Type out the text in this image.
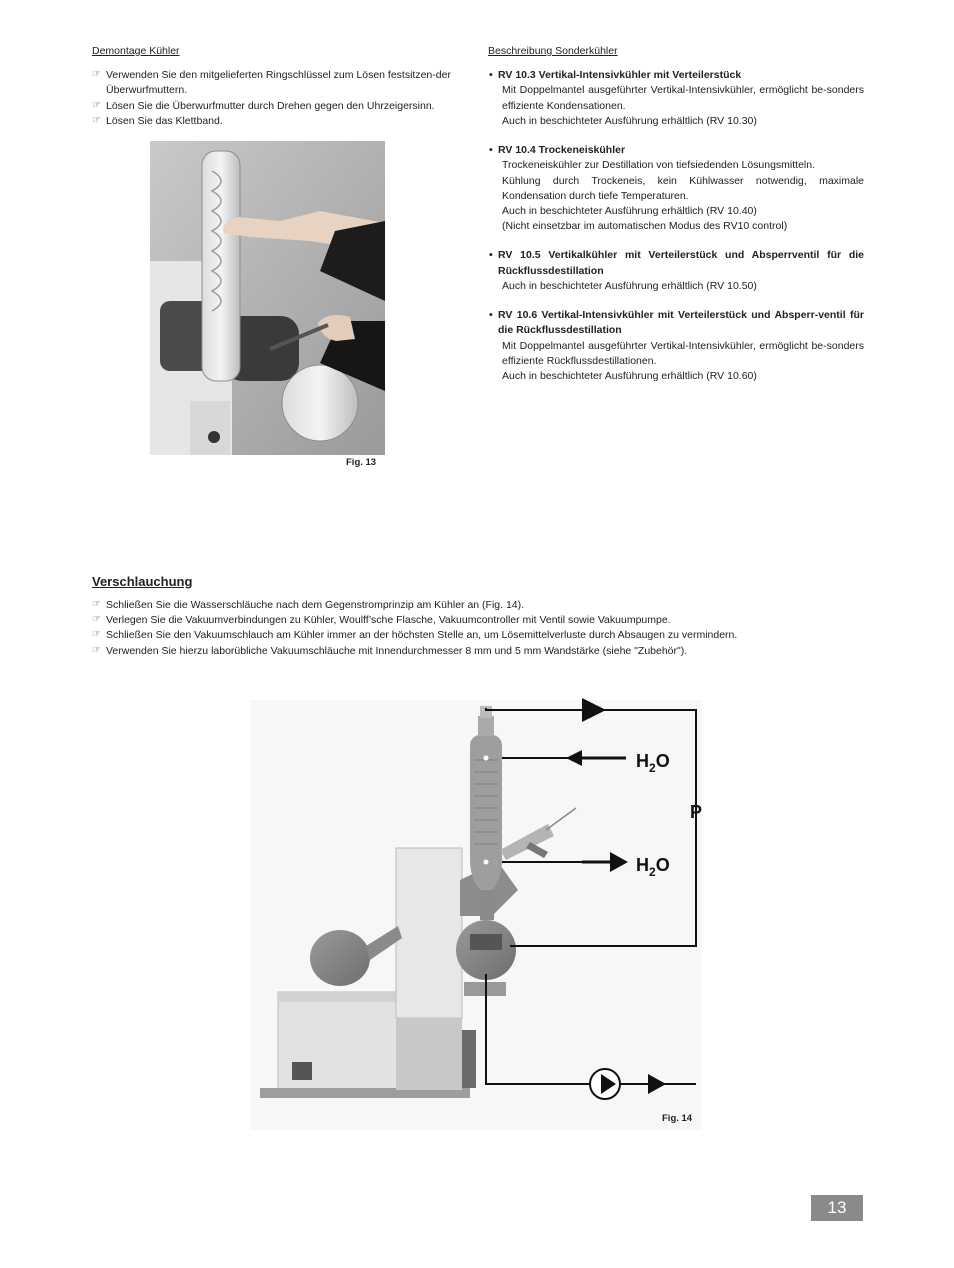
Demontage Kühler
☞ Verwenden Sie den mitgelieferten Ringschlüssel zum Lösen festsitzen-der Überwurfmuttern.
☞ Lösen Sie die Überwurfmutter durch Drehen gegen den Uhrzeigersinn.
☞ Lösen Sie das Klettband.
Fig. 13
Beschreibung Sonderkühler
• RV 10.3 Vertikal-Intensivkühler mit Verteilerstück
Mit Doppelmantel ausgeführter Vertikal-Intensivkühler, ermöglicht be-sonders effiziente Kondensationen.
Auch in beschichteter Ausführung erhältlich (RV 10.30)
• RV 10.4 Trockeneiskühler
Trockeneiskühler zur Destillation von tiefsiedenden Lösungsmitteln.
Kühlung durch Trockeneis, kein Kühlwasser notwendig, maximale Kondensation durch tiefe Temperaturen.
Auch in beschichteter Ausführung erhältlich (RV 10.40)
(Nicht einsetzbar im automatischen Modus des RV10 control)
• RV 10.5 Vertikalkühler mit Verteilerstück und Absperrventil für die Rückflussdestillation
Auch in beschichteter Ausführung erhältlich (RV 10.50)
• RV 10.6 Vertikal-Intensivkühler mit Verteilerstück und Absperr-ventil für die Rückflussdestillation
Mit Doppelmantel ausgeführter Vertikal-Intensivkühler, ermöglicht be-sonders effiziente Rückflussdestillationen.
Auch in beschichteter Ausführung erhältlich (RV 10.60)
Verschlauchung
☞ Schließen Sie die Wasserschläuche nach dem Gegenstromprinzip am Kühler an (Fig. 14).
☞ Verlegen Sie die Vakuumverbindungen zu Kühler, Woulff’sche Flasche, Vakuumcontroller mit Ventil sowie Vakuumpumpe.
☞ Schließen Sie den Vakuumschlauch am Kühler immer an der höchsten Stelle an, um Lösemittelverluste durch Absaugen zu vermindern.
☞ Verwenden Sie hierzu laborübliche Vakuumschläuche mit Innendurchmesser 8 mm und 5 mm Wandstärke (siehe "Zubehör").
$H_2O$
$H_2O$
P
Fig. 14
13
